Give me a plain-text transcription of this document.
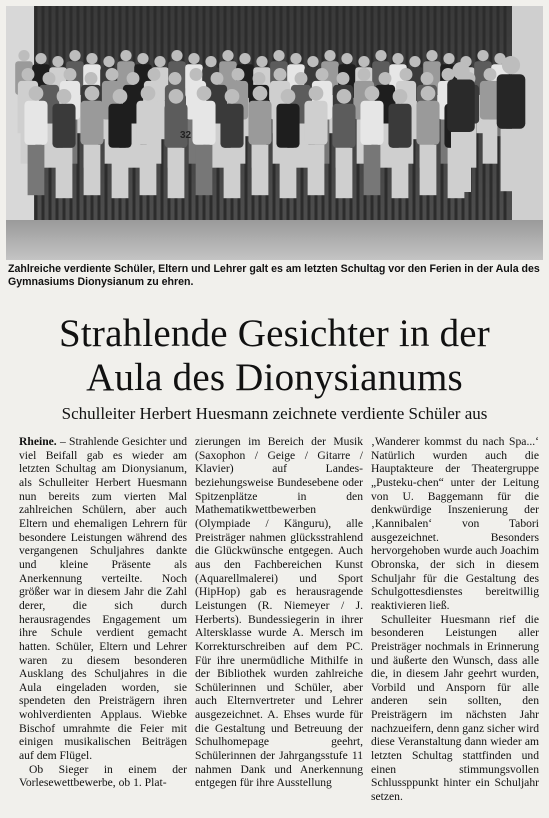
32

Zahlreiche verdiente Schüler, Eltern und Lehrer galt es am letzten Schultag vor den Ferien in der Aula des Gymnasiums Dionysianum zu ehren.

Strahlende Gesichter in der
Aula des Dionysianums

Schulleiter Herbert Huesmann zeichnete verdiente Schüler aus

Rheine. – Strahlende Gesichter und viel Beifall gab es wieder am letzten Schultag am Dionysianum, als Schulleiter Herbert Huesmann nun bereits zum vierten Mal zahlreichen Schülern, aber auch Eltern und ehemaligen Lehrern für besondere Leistungen während des vergangenen Schuljahres dankte und kleine Präsente als Anerkennung verteilte. Noch größer war in diesem Jahr die Zahl derer, die sich durch herausragendes Engagement um ihre Schule verdient gemacht hatten. Schüler, Eltern und Lehrer waren zu diesem besonderen Ausklang des Schuljahres in die Aula eingeladen worden, sie spendeten den Preisträgern ihren wohlverdienten Applaus. Wiebke Bischof umrahmte die Feier mit einigen musikalischen Beiträgen auf dem Flügel.

Ob Sieger in einem der Vorlesewettbewerbe, ob 1. Plat-

zierungen im Bereich der Musik (Saxophon / Geige / Gitarre / Klavier) auf Landes- beziehungsweise Bundesebene oder Spitzenplätze in den Mathematikwettbewerben (Olympiade / Känguru), alle Preisträger nahmen glücksstrahlend die Glückwünsche entgegen. Auch aus den Fachbereichen Kunst (Aquarellmalerei) und Sport (HipHop) gab es herausragende Leistungen (R. Niemeyer / J. Herberts). Bundessiegerin in ihrer Altersklasse wurde A. Mersch im Korrekturschreiben auf dem PC. Für ihre unermüdliche Mithilfe in der Bibliothek wurden zahlreiche Schülerinnen und Schüler, aber auch Elternvertreter und Lehrer ausgezeichnet. A. Ehses wurde für die Gestaltung und Betreuung der Schulhomepage geehrt, Schülerinnen der Jahrgangsstufe 11 nahmen Dank und Anerkennung entgegen für ihre Ausstellung

‚Wanderer kommst du nach Spa...‘ Natürlich wurden auch die Hauptakteure der Theatergruppe „Pusteku-chen“ unter der Leitung von U. Baggemann für die denkwürdige Inszenierung der ‚Kannibalen‘ von Tabori ausgezeichnet. Besonders hervorgehoben wurde auch Joachim Obronska, der sich in diesem Schuljahr für die Gestaltung des Schulgottesdienstes bereitwillig reaktivieren ließ.

Schulleiter Huesmann rief die besonderen Leistungen aller Preisträger nochmals in Erinnerung und äußerte den Wunsch, dass alle die, in diesem Jahr geehrt wurden, Vorbild und Ansporn für alle anderen sein sollten, den Preisträgern im nächsten Jahr nachzueifern, denn ganz sicher wird diese Veranstaltung dann wieder am letzten Schultag stattfinden und einen stimmungsvollen Schlussppunkt hinter ein Schuljahr setzen.
